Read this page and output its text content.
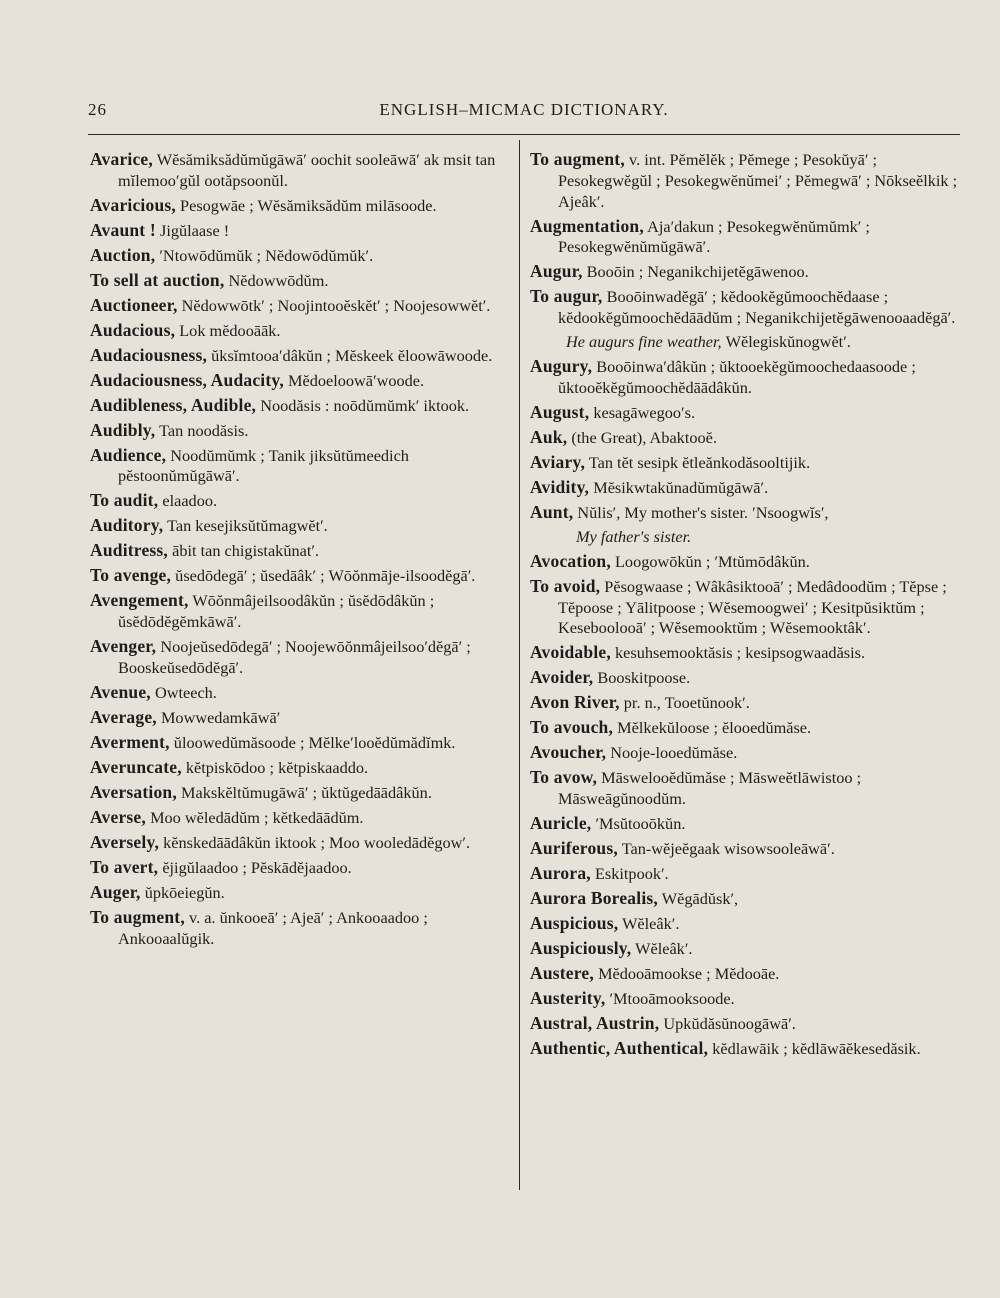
26	ENGLISH–MICMAC DICTIONARY.
Avarice, Wĕsămiksădŭmŭgāwā′ oochit sooleāwā′ ak msit tan mĭlemoo′gŭl ootăpsoonŭl.
Avaricious, Pesogwāe ; Wĕsămiksădŭm milāsoode.
Avaunt ! Jigŭlaase !
Auction, ′Ntowōdŭmŭk ; Nĕdowōdŭmŭk′.
To sell at auction, Nĕdowwōdŭm.
Auctioneer, Nĕdowwōtk′ ; Noojintooĕskĕt′ ; Noojesowwĕt′.
Audacious, Lok mĕdooāāk.
Audaciousness, ŭksĭmtooa′dâkŭn ; Mĕskeek ĕloowāwoode.
Audaciousness, Audacity, Mĕdoeloowā′woode.
Audibleness, Audible, Noodăsis : noōdŭmŭmk′ iktook.
Audibly, Tan noodăsis.
Audience, Noodŭmŭmk ; Tanik jiksŭtŭmeedich pĕstoonŭmŭgāwā′.
To audit, elaadoo.
Auditory, Tan kesejiksŭtŭmagwĕt′.
Auditress, ābit tan chigistakŭnat′.
To avenge, ŭsedōdegā′ ; ŭsedāâk′ ; Wōŏnmāje-ilsoodĕgā′.
Avengement, Wōŏnmâjeilsoodâkŭn ; ŭsĕdōdâkŭn ; ŭsĕdōdĕgĕmkāwā′.
Avenger, Noojeŭsedōdegā′ ; Noojewōŏnmâjeilsoo′dĕgā′ ; Booskeŭsedōdĕgā′.
Avenue, Owteech.
Average, Mowwedamkāwā′
Averment, ŭloowedŭmăsoode ; Mĕlke′looĕdŭmădĭmk.
Averuncate, kĕtpiskōdoo ; kĕtpiskaaddo.
Aversation, Makskĕltŭmugāwā′ ; ŭktŭgedāādâkŭn.
Averse, Moo wĕledādŭm ; kĕtkedāādŭm.
Aversely, kĕnskedāādâkŭn iktook ; Moo wooledādĕgow′.
To avert, ĕjigŭlaadoo ; Pĕskādĕjaadoo.
Auger, ŭpkōeiegŭn.
To augment, v. a. ŭnkooeā′ ; Ajeā′ ; Ankooaadoo ; Ankooaalŭgik.
To augment, v. int. Pĕmĕlĕk ; Pĕmege ; Pesokŭyā′ ; Pesokegwĕgŭl ; Pesokegwĕnŭmei′ ; Pĕmegwā′ ; Nōkseĕlkik ; Ajeâk′.
Augmentation, Aja′dakun ; Pesokegwĕnŭmŭmk′ ; Pesokegwĕnŭmŭgāwā′.
Augur, Booōin ; Neganikchijetĕgāwenoo.
To augur, Booōinwadĕgā′ ; kĕdookĕgŭmoochĕdaase ; kĕdookĕgŭmoochĕdāādŭm ; Neganikchijetĕgāwenooaadĕgā′.
He augurs fine weather, Wĕlegiskŭnogwĕt′.
Augury, Booōinwa′dâkŭn ; ŭktooekĕgŭmoochedaasoode ; ŭktooĕkĕgŭmoochĕdāādâkŭn.
August, kesagāwegoo′s.
Auk, (the Great), Abaktooĕ.
Aviary, Tan tĕt sesipk ĕtleănkodăsooltijik.
Avidity, Mĕsikwtakŭnadŭmŭgāwā′.
Aunt, Nŭlis′, My mother's sister. ′Nsoogwĭs′,
My father's sister.
Avocation, Loogowōkŭn ; ′Mtŭmōdâkŭn.
To avoid, Pĕsogwaase ; Wâkâsiktooā′ ; Medâdoodŭm ; Tĕpse ; Tĕpoose ; Yālitpoose ; Wĕsemoogwei′ ; Kesitpŭsiktŭm ; Keseboolooā′ ; Wĕsemooktŭm ; Wĕsemooktâk′.
Avoidable, kesuhsemooktăsis ; kesipsogwaadăsis.
Avoider, Booskitpoose.
Avon River, pr. n., Tooetŭnook′.
To avouch, Mĕlkekŭloose ; ĕlooedŭmăse.
Avoucher, Nooje-looedŭmăse.
To avow, Māsweloоĕdŭmăse ; Māsweĕtlāwistoo ; Māsweāgŭnoodŭm.
Auricle, ′Msŭtooōkŭn.
Auriferous, Tan-wĕjeĕgaak wisowsooleāwā′.
Aurora, Eskitpook′.
Aurora Borealis, Wĕgādŭsk′,
Auspicious, Wĕleâk′.
Auspiciously, Wĕleâk′.
Austere, Mĕdooāmookse ; Mĕdooāe.
Austerity, ′Mtooāmooksoode.
Austral, Austrin, Upkŭdăsŭnoogāwā′.
Authentic, Authentical, kĕdlawāik ; kĕdlāwāĕkesedăsik.
